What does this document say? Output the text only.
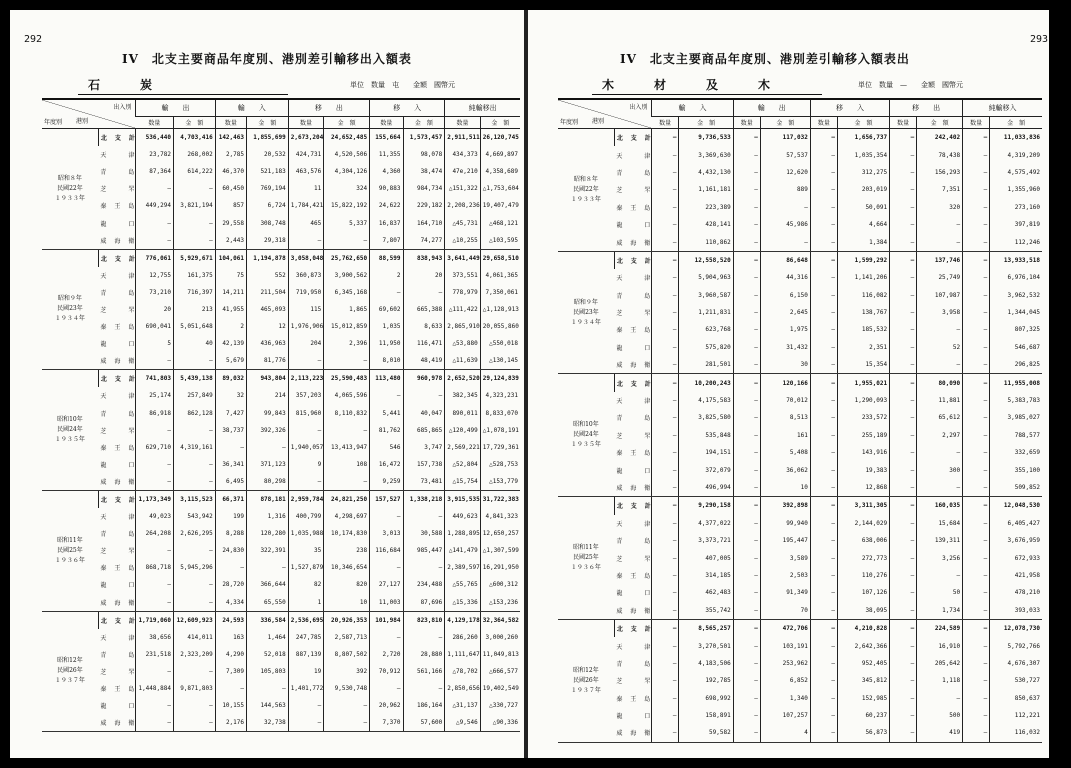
292
IV　北支主要商品年度別、港別差引輸移出入額表
石　炭	単位　数量　屯　　金額　國幣元
出入別
港別
年度別		輸　　出		輸　　入		移　　出		移　　入		純輸移出	
		数量	金　額	数量	金　額	数量	金　額	数量	金　額	数量	金　額

昭和８年
民國22年
１９３３年	北支計	536,440	4,703,416	142,463	1,855,699	2,673,204	24,652,485	155,664	1,573,457	2,911,511	26,120,745
	天津	23,782	268,002	2,785	20,532	424,731	4,520,506	11,355	98,078	434,373	4,669,897
	青島	87,364	614,222	46,370	521,183	463,576	4,304,126	4,360	38,474	47e,210	4,358,689
	芝罘	—	—	60,450	769,194	11	324	90,883	984,734	△151,322	△1,753,604
	秦王島	449,294	3,821,194	857	6,724	1,784,421	15,822,192	24,622	229,182	2,208,236	19,407,479
	龍口	—	—	29,558	308,748	465	5,337	16,837	164,710	△45,731	△468,121
	威海衛	—	—	2,443	29,318	—	—	7,807	74,277	△10,255	△103,595

昭和９年
民國23年
１９３４年	北支計	776,061	5,929,671	104,061	1,194,878	3,058,048	25,762,650	88,599	838,943	3,641,449	29,658,510
	天津	12,755	161,375	75	552	360,873	3,900,562	2	20	373,551	4,061,365
	青島	73,210	716,397	14,211	211,504	719,950	6,345,168	—	—	778,979	7,350,061
	芝罘	20	213	41,955	465,093	115	1,865	69,602	665,388	△111,422	△1,128,913
	秦王島	690,041	5,051,648	2	12	1,976,906	15,012,859	1,035	8,633	2,865,910	20,055,860
	龍口	5	40	42,139	436,963	204	2,396	11,950	116,471	△53,880	△550,018
	威海衛	—	—	5,679	81,776	—	—	8,010	48,419	△11,639	△130,145

昭和10年
民國24年
１９３５年	北支計	741,803	5,439,138	89,032	943,804	2,113,223	25,590,483	113,480	960,978	2,652,520	29,124,839
	天津	25,174	257,849	32	214	357,203	4,065,596	—	—	382,345	4,323,231
	青島	86,918	862,128	7,427	99,843	815,960	8,110,832	5,441	40,047	890,011	8,833,070
	芝罘	—	—	38,737	392,326	—	—	81,762	685,865	△120,499	△1,078,191
	秦王島	629,710	4,319,161	—	—	1,940,057	13,413,947	546	3,747	2,569,221	17,729,361
	龍口	—	—	36,341	371,123	9	108	16,472	157,738	△52,804	△528,753
	威海衛	—	—	6,495	80,298	—	—	9,259	73,481	△15,754	△153,779

昭和11年
民國25年
１９３６年	北支計	1,173,349	3,115,523	66,371	878,181	2,959,784	24,821,250	157,527	1,338,218	3,915,535	31,722,383
	天津	49,023	543,942	199	1,316	400,799	4,298,697	—	—	449,623	4,841,323
	青島	264,208	2,626,295	8,288	120,280	1,035,988	10,174,830	3,013	30,588	1,288,895	12,650,257
	芝罘	—	—	24,830	322,391	35	238	116,684	985,447	△141,479	△1,307,599
	秦王島	868,718	5,945,296	—	—	1,527,879	10,346,654	—	—	2,389,597	16,291,950
	龍口	—	—	28,720	366,644	82	820	27,127	234,488	△55,765	△600,312
	威海衛	—	—	4,334	65,550	1	10	11,003	87,696	△15,336	△153,236

昭和12年
民國26年
１９３７年	北支計	1,719,060	12,609,923	24,593	336,584	2,536,695	20,926,353	101,984	823,810	4,129,178	32,364,582
	天津	38,656	414,011	163	1,464	247,785	2,587,713	—	—	286,260	3,000,260
	青島	231,518	2,323,209	4,290	52,018	887,139	8,807,502	2,720	28,880	1,111,647	11,049,813
	芝罘	—	—	7,309	105,803	19	392	70,912	561,166	△78,702	△666,577
	秦王島	1,448,884	9,871,803	—	—	1,401,772	9,530,748	—	—	2,850,656	19,402,549
	龍口	—	—	10,155	144,563	—	—	20,962	186,164	△31,137	△330,727
	威海衛	—	—	2,176	32,738	—	—	7,370	57,600	△9,546	△90,336
293
IV　北支主要商品年度別、港別差引輸移入額表出
木　材　及　木	単位　数量　—　　金額　國幣元
出入別
港別
年度別		輸　　入		輸　　出		移　　入		移　　出		純輸移入	
		数量	金　額	数量	金　額	数量	金　額	数量	金　額	数量	金　額

昭和８年
民國22年
１９３３年	北支計	—	9,736,533	—	117,032	—	1,656,737	—	242,402	—	11,033,836
	天津	—	3,369,630	—	57,537	—	1,035,354	—	78,438	—	4,319,209
	青島	—	4,432,130	—	12,620	—	312,275	—	156,293	—	4,575,492
	芝罘	—	1,161,181	—	889	—	203,019	—	7,351	—	1,355,960
	秦王島	—	223,389	—	—	—	50,091	—	320	—	273,160
	龍口	—	428,141	—	45,986	—	4,664	—	—	—	397,819
	威海衛	—	110,862	—	—	—	1,384	—	—	—	112,246

昭和９年
民國23年
１９３４年	北支計	—	12,558,520	—	86,648	—	1,599,292	—	137,746	—	13,933,518
	天津	—	5,904,963	—	44,316	—	1,141,206	—	25,749	—	6,976,104
	青島	—	3,960,587	—	6,150	—	116,082	—	107,987	—	3,962,532
	芝罘	—	1,211,831	—	2,645	—	138,767	—	3,958	—	1,344,045
	秦王島	—	623,768	—	1,975	—	185,532	—	—	—	807,325
	龍口	—	575,820	—	31,432	—	2,351	—	52	—	546,687
	威海衛	—	281,501	—	30	—	15,354	—	—	—	296,825

昭和10年
民國24年
１９３５年	北支計	—	10,200,243	—	120,166	—	1,955,021	—	80,090	—	11,955,008
	天津	—	4,175,583	—	70,012	—	1,290,093	—	11,881	—	5,383,783
	青島	—	3,825,580	—	8,513	—	233,572	—	65,612	—	3,985,027
	芝罘	—	535,848	—	161	—	255,189	—	2,297	—	788,577
	秦王島	—	194,151	—	5,408	—	143,916	—	—	—	332,659
	龍口	—	372,079	—	36,062	—	19,383	—	300	—	355,100
	威海衛	—	496,994	—	10	—	12,868	—	—	—	509,852

昭和11年
民國25年
１９３６年	北支計	—	9,290,158	—	392,898	—	3,311,305	—	160,035	—	12,048,530
	天津	—	4,377,022	—	99,940	—	2,144,029	—	15,684	—	6,405,427
	青島	—	3,373,721	—	195,447	—	638,006	—	139,311	—	3,676,959
	芝罘	—	407,005	—	3,589	—	272,773	—	3,256	—	672,933
	秦王島	—	314,185	—	2,503	—	110,276	—	—	—	421,958
	龍口	—	462,483	—	91,349	—	107,126	—	50	—	478,210
	威海衛	—	355,742	—	70	—	38,095	—	1,734	—	393,033

昭和12年
民國26年
１９３７年	北支計	—	8,565,257	—	472,706	—	4,210,828	—	224,589	—	12,078,730
	天津	—	3,270,501	—	103,191	—	2,642,366	—	16,910	—	5,792,766
	青島	—	4,183,506	—	253,962	—	952,405	—	205,642	—	4,676,307
	芝罘	—	192,785	—	6,852	—	345,812	—	1,118	—	530,727
	秦王島	—	698,992	—	1,340	—	152,985	—	—	—	850,637
	龍口	—	158,891	—	107,257	—	60,237	—	500	—	112,221
	威海衛	—	59,582	—	4	—	56,873	—	419	—	116,032
